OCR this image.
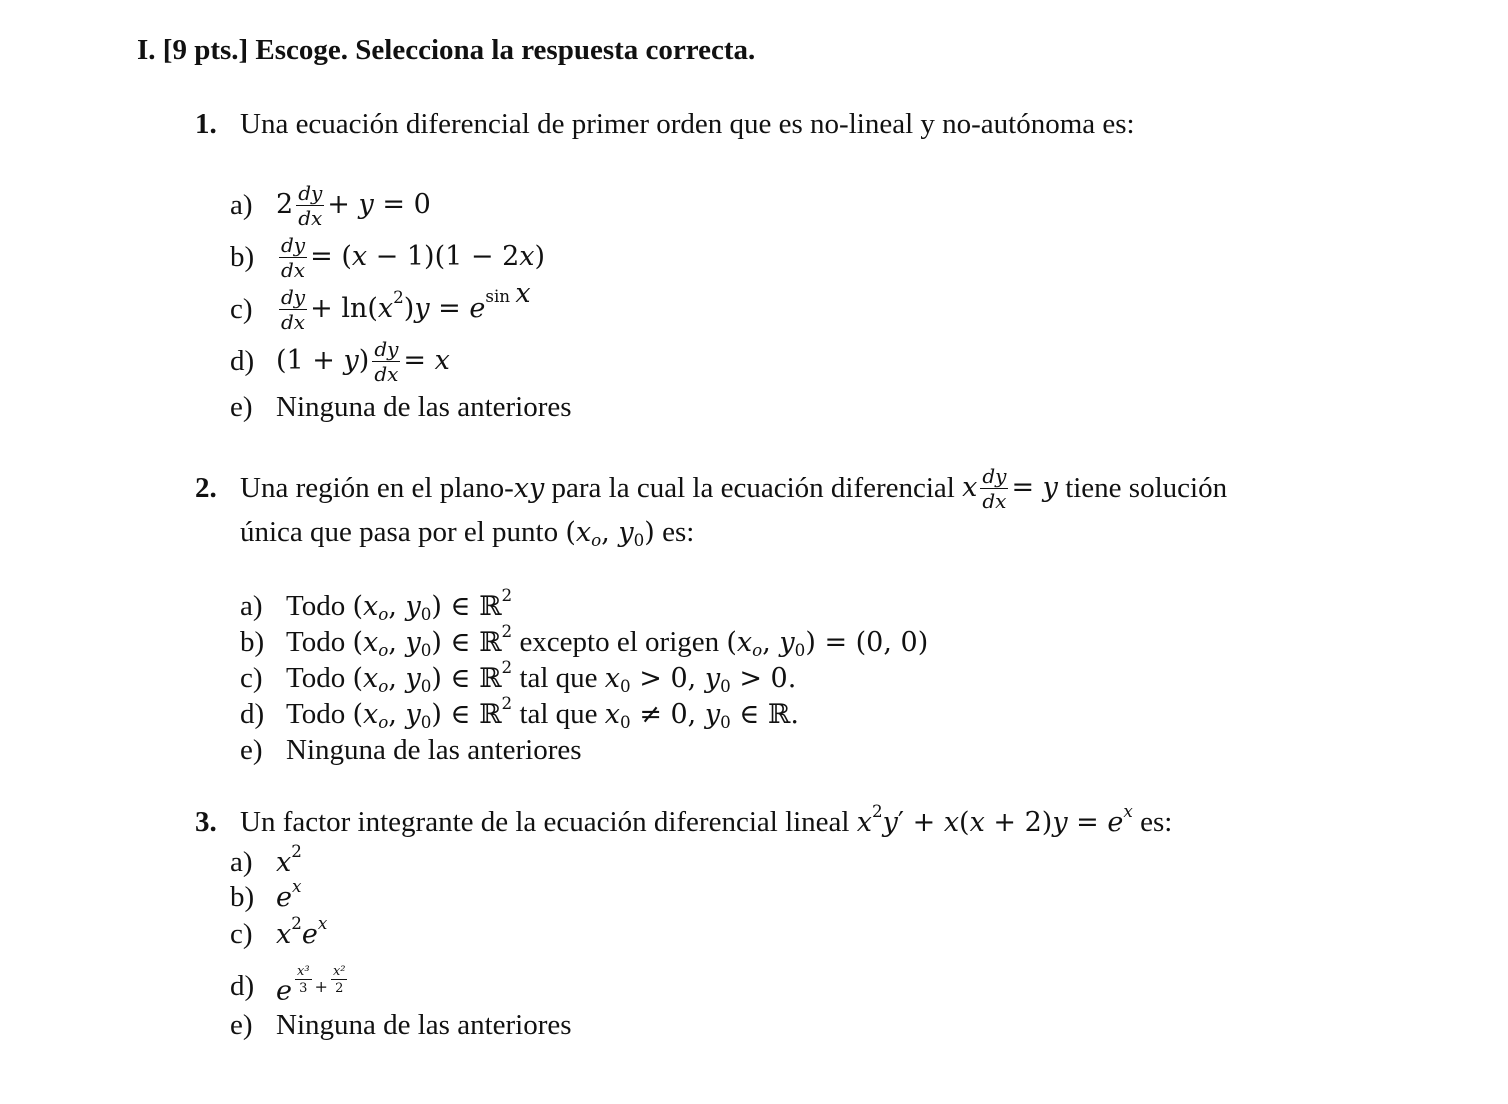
I. [9 pts.] Escoge. Selecciona la respuesta correcta.
1. Una ecuación diferencial de primer orden que es no-lineal y no-autónoma es:
a) $2 \frac{dy}{dx} + y = 0$
b)	$\frac{dy}{dx} = (x - 1)(1 - 2x)$
c)	$\frac{dy}{dx} + \ln(x^2)y = e^{sin x}$
d) $(1 + y) \frac{dy}{dx} = x$
e) Ninguna de las anteriores
2. Una región en el plano- xy
para la cual la ecuación diferencial
x $\frac{dy}{dx} = y$
tiene solución
única que pasa por el punto ($x_o$, $y_0$) es:
a) Todo
($x_o$, $y_0$) ∈ ℝ$^2$
b) Todo
($x_o$, $y_0$) ∈ ℝ$^2$
excepto el origen
($x_o$, $y_0) = (0$, 0)
c) Todo
($x_o$, $y_0$) ∈ ℝ$^2$
tal que
$x_0 > 0$, $y_0 > 0$.
d) Todo
($x_o$, $y_0$) ∈ ℝ$^2$
tal que
$x_0 \ne 0$, $y_0$ ∈ ℝ.
e) Ninguna de las anteriores
3. Un factor integrante de la ecuación diferencial lineal $x^2y' + x(x + 2)y = e^x$ es:
a) $x^2$
b) $e^x$
c) $x^2e^x$
d) e $\frac{\text{x³}}{3} + \frac{\text{x²}}{2}$
e) Ninguna de las anteriores
